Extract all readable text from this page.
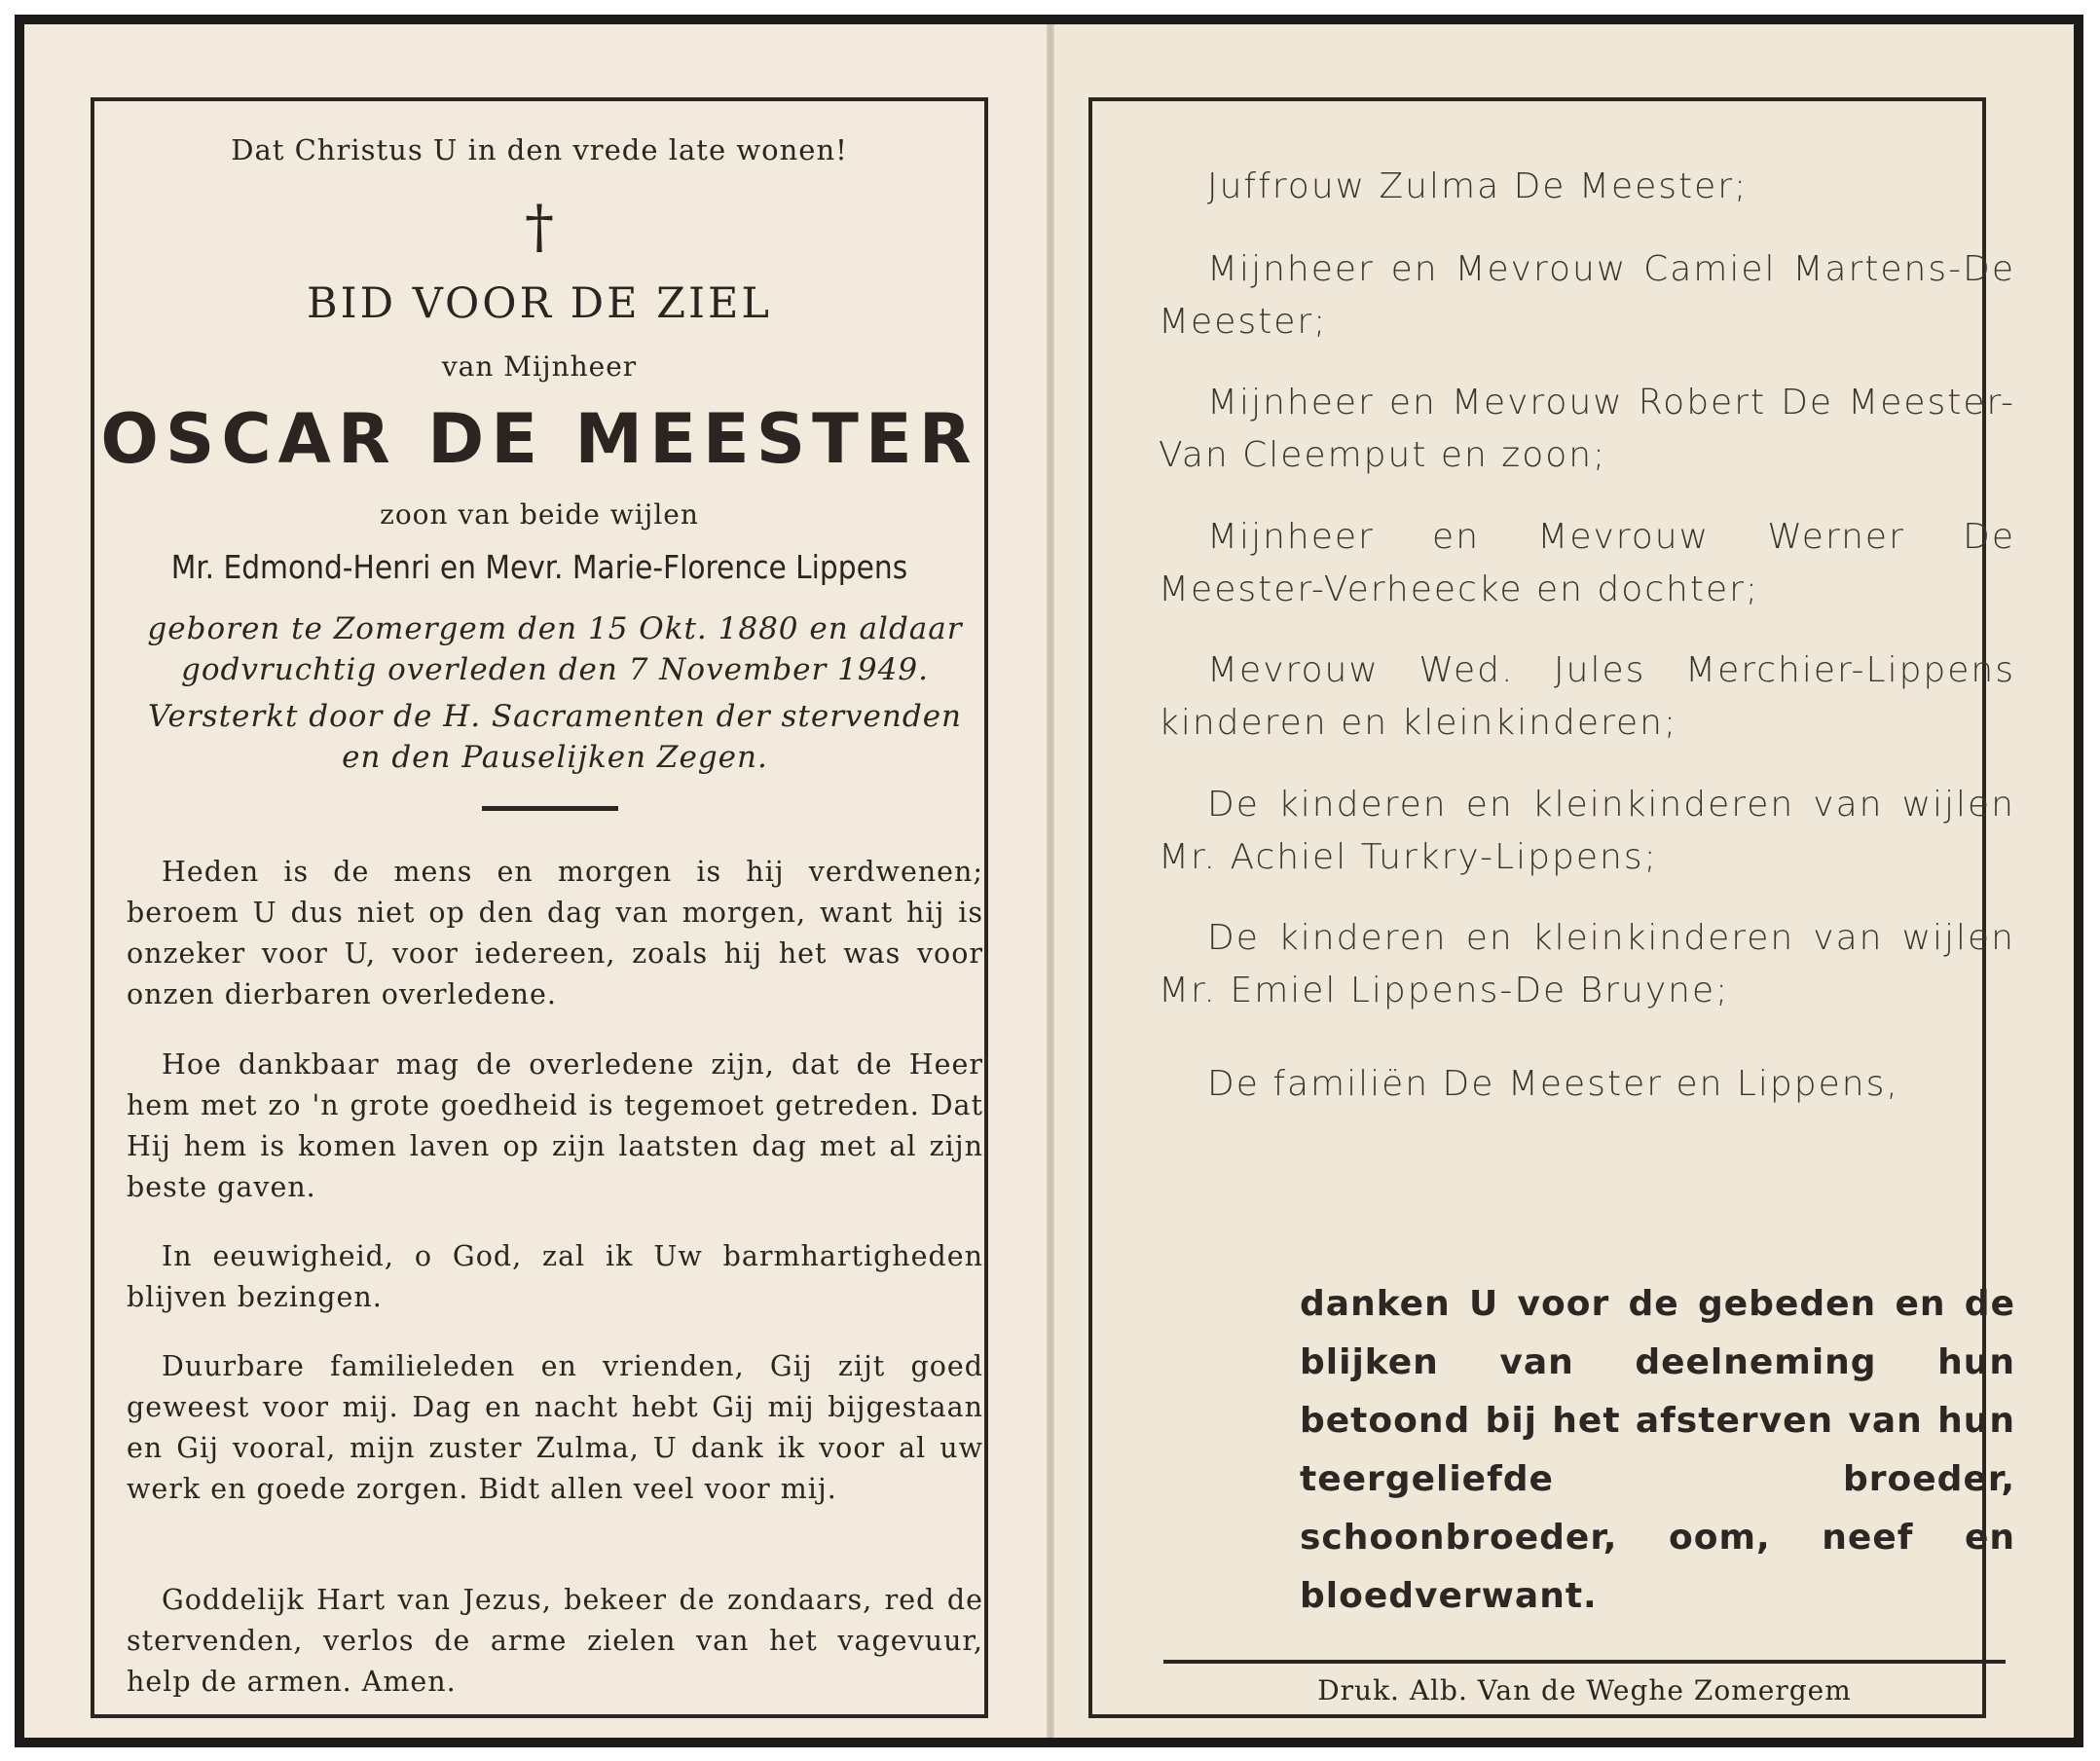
Dat Christus U in den vrede late wonen!
†
BID VOOR DE ZIEL
van Mijnheer
OSCAR DE MEESTER
zoon van beide wijlen
Mr. Edmond-Henri en Mevr. Marie-Florence Lippens
geboren te Zomergem den 15 Okt. 1880 en aldaar
godvruchtig overleden den 7 November 1949.
Versterkt door de H. Sacramenten der stervenden
en den Pauselijken Zegen.
Heden is de mens en morgen is hij verdwenen; beroem U dus niet op den dag van morgen, want hij is onzeker voor U, voor iedereen, zoals hij het was voor onzen dierbaren overledene.
Hoe dankbaar mag de overledene zijn, dat de Heer hem met zo 'n grote goedheid is tegemoet getreden. Dat Hij hem is komen laven op zijn laatsten dag met al zijn beste gaven.
In eeuwigheid, o God, zal ik Uw barmhartigheden blijven bezingen.
Duurbare familieleden en vrienden, Gij zijt goed geweest voor mij. Dag en nacht hebt Gij mij bijgestaan en Gij vooral, mijn zuster Zulma, U dank ik voor al uw werk en goede zorgen. Bidt allen veel voor mij.
Goddelijk Hart van Jezus, bekeer de zondaars, red de stervenden, verlos de arme zielen van het vagevuur, help de armen. Amen.
Juffrouw Zulma De Meester;
Mijnheer en Mevrouw Camiel Martens-De Meester;
Mijnheer en Mevrouw Robert De Meester-Van Cleemput en zoon;
Mijnheer en Mevrouw Werner De Meester-Verheecke en dochter;
Mevrouw Wed. Jules Merchier-Lippens kinderen en kleinkinderen;
De kinderen en kleinkinderen van wijlen Mr. Achiel Turkry-Lippens;
De kinderen en kleinkinderen van wijlen Mr. Emiel Lippens-De Bruyne;
De familiën De Meester en Lippens,
danken U voor de gebeden en de blijken van deelneming hun betoond bij het afsterven van hun teergeliefde broeder, schoonbroeder, oom, neef en bloedverwant.
Druk. Alb. Van de Weghe Zomergem
